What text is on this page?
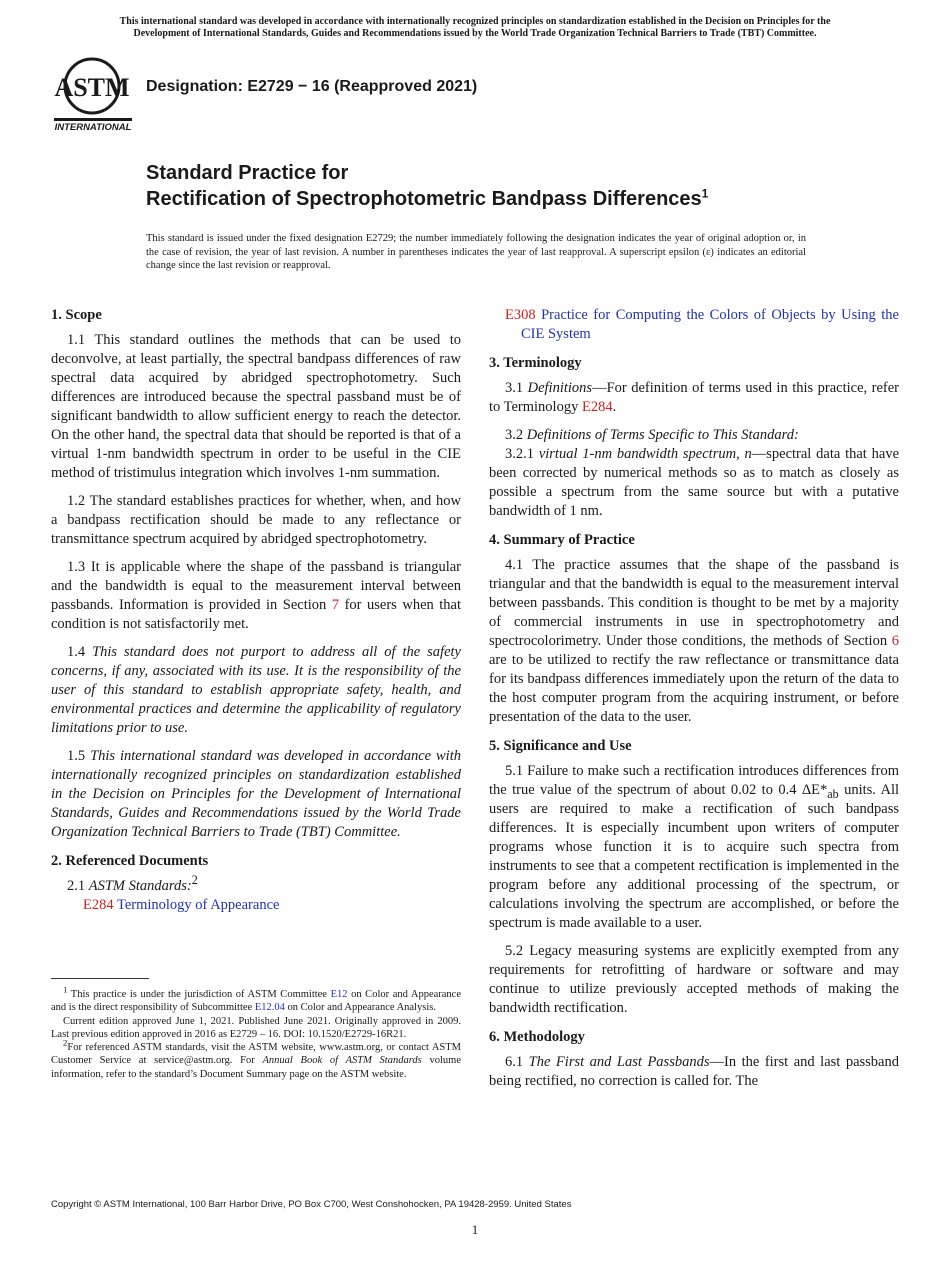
This international standard was developed in accordance with internationally recognized principles on standardization established in the Decision on Principles for the
Development of International Standards, Guides and Recommendations issued by the World Trade Organization Technical Barriers to Trade (TBT) Committee.
ASTM
INTERNATIONAL
Designation: E2729 − 16 (Reapproved 2021)
Standard Practice for
Rectification of Spectrophotometric Bandpass Differences$^1$
This standard is issued under the fixed designation E2729; the number immediately following the designation indicates the year of original adoption or, in the case of revision, the year of last revision. A number in parentheses indicates the year of last reapproval. A superscript epsilon (ε) indicates an editorial change since the last revision or reapproval.
1. Scope

1.1 This standard outlines the methods that can be used to deconvolve, at least partially, the spectral bandpass differences of raw spectral data acquired by abridged spectrophotometry. Such differences are introduced because the spectral passband must be of significant bandwidth to allow sufficient energy to reach the detector. On the other hand, the spectral data that should be reported is that of a virtual 1-nm bandwidth spectrum in order to be useful in the CIE method of tristimulus integration which involves 1-nm summation.

1.2 The standard establishes practices for whether, when, and how a bandpass rectification should be made to any reflectance or transmittance spectrum acquired by abridged spectrophotometry.

1.3 It is applicable where the shape of the passband is triangular and the bandwidth is equal to the measurement interval between passbands. Information is provided in Section 7 for users when that condition is not satisfactorily met.

1.4 This standard does not purport to address all of the safety concerns, if any, associated with its use. It is the responsibility of the user of this standard to establish appropriate safety, health, and environmental practices and determine the applicability of regulatory limitations prior to use.

1.5 This international standard was developed in accordance with internationally recognized principles on standardization established in the Decision on Principles for the Development of International Standards, Guides and Recommendations issued by the World Trade Organization Technical Barriers to Trade (TBT) Committee.

2. Referenced Documents

2.1 ASTM Standards:$^2$

E284 Terminology of Appearance

$^1$ This practice is under the jurisdiction of ASTM Committee E12 on Color and Appearance and is the direct responsibility of Subcommittee E12.04 on Color and Appearance Analysis.

Current edition approved June 1, 2021. Published June 2021. Originally approved in 2009. Last previous edition approved in 2016 as E2729 – 16. DOI: 10.1520/E2729-16R21.

$^2$For referenced ASTM standards, visit the ASTM website, www.astm.org, or contact ASTM Customer Service at service@astm.org. For Annual Book of ASTM Standards volume information, refer to the standard’s Document Summary page on the ASTM website.

E308 Practice for Computing the Colors of Objects by Using the CIE System

3. Terminology

3.1 Definitions—For definition of terms used in this practice, refer to Terminology E284.

3.2 Definitions of Terms Specific to This Standard:

3.2.1 virtual 1-nm bandwidth spectrum, n—spectral data that have been corrected by numerical methods so as to match as closely as possible a spectrum from the same source but with a putative bandwidth of 1 nm.

4. Summary of Practice

4.1 The practice assumes that the shape of the passband is triangular and that the bandwidth is equal to the measurement interval between passbands. This condition is thought to be met by a majority of commercial instruments in use in spectrophotometry and spectrocolorimetry. Under those conditions, the methods of Section 6 are to be utilized to rectify the raw reflectance or transmittance data for its bandpass differences immediately upon the return of the data to the host computer program from the acquiring instrument, or before presentation of the data to the user.

5. Significance and Use

5.1 Failure to make such a rectification introduces differences from the true value of the spectrum of about 0.02 to 0.4 $\Delta E*_{ab}$ units. All users are required to make a rectification of such bandpass differences. It is especially incumbent upon writers of computer programs whose function it is to acquire such spectra from instruments to see that a competent rectification is implemented in the program before any additional processing of the spectrum, or calculations involving the spectrum are accomplished, or before the spectrum is made available to a user.

5.2 Legacy measuring systems are explicitly exempted from any requirements for retrofitting of hardware or software and may continue to utilize previously accepted methods of making the bandwidth rectification.

6. Methodology

6.1 The First and Last Passbands—In the first and last passband being rectified, no correction is called for. The

Copyright © ASTM International, 100 Barr Harbor Drive, PO Box C700, West Conshohocken, PA 19428-2959. United States
1
